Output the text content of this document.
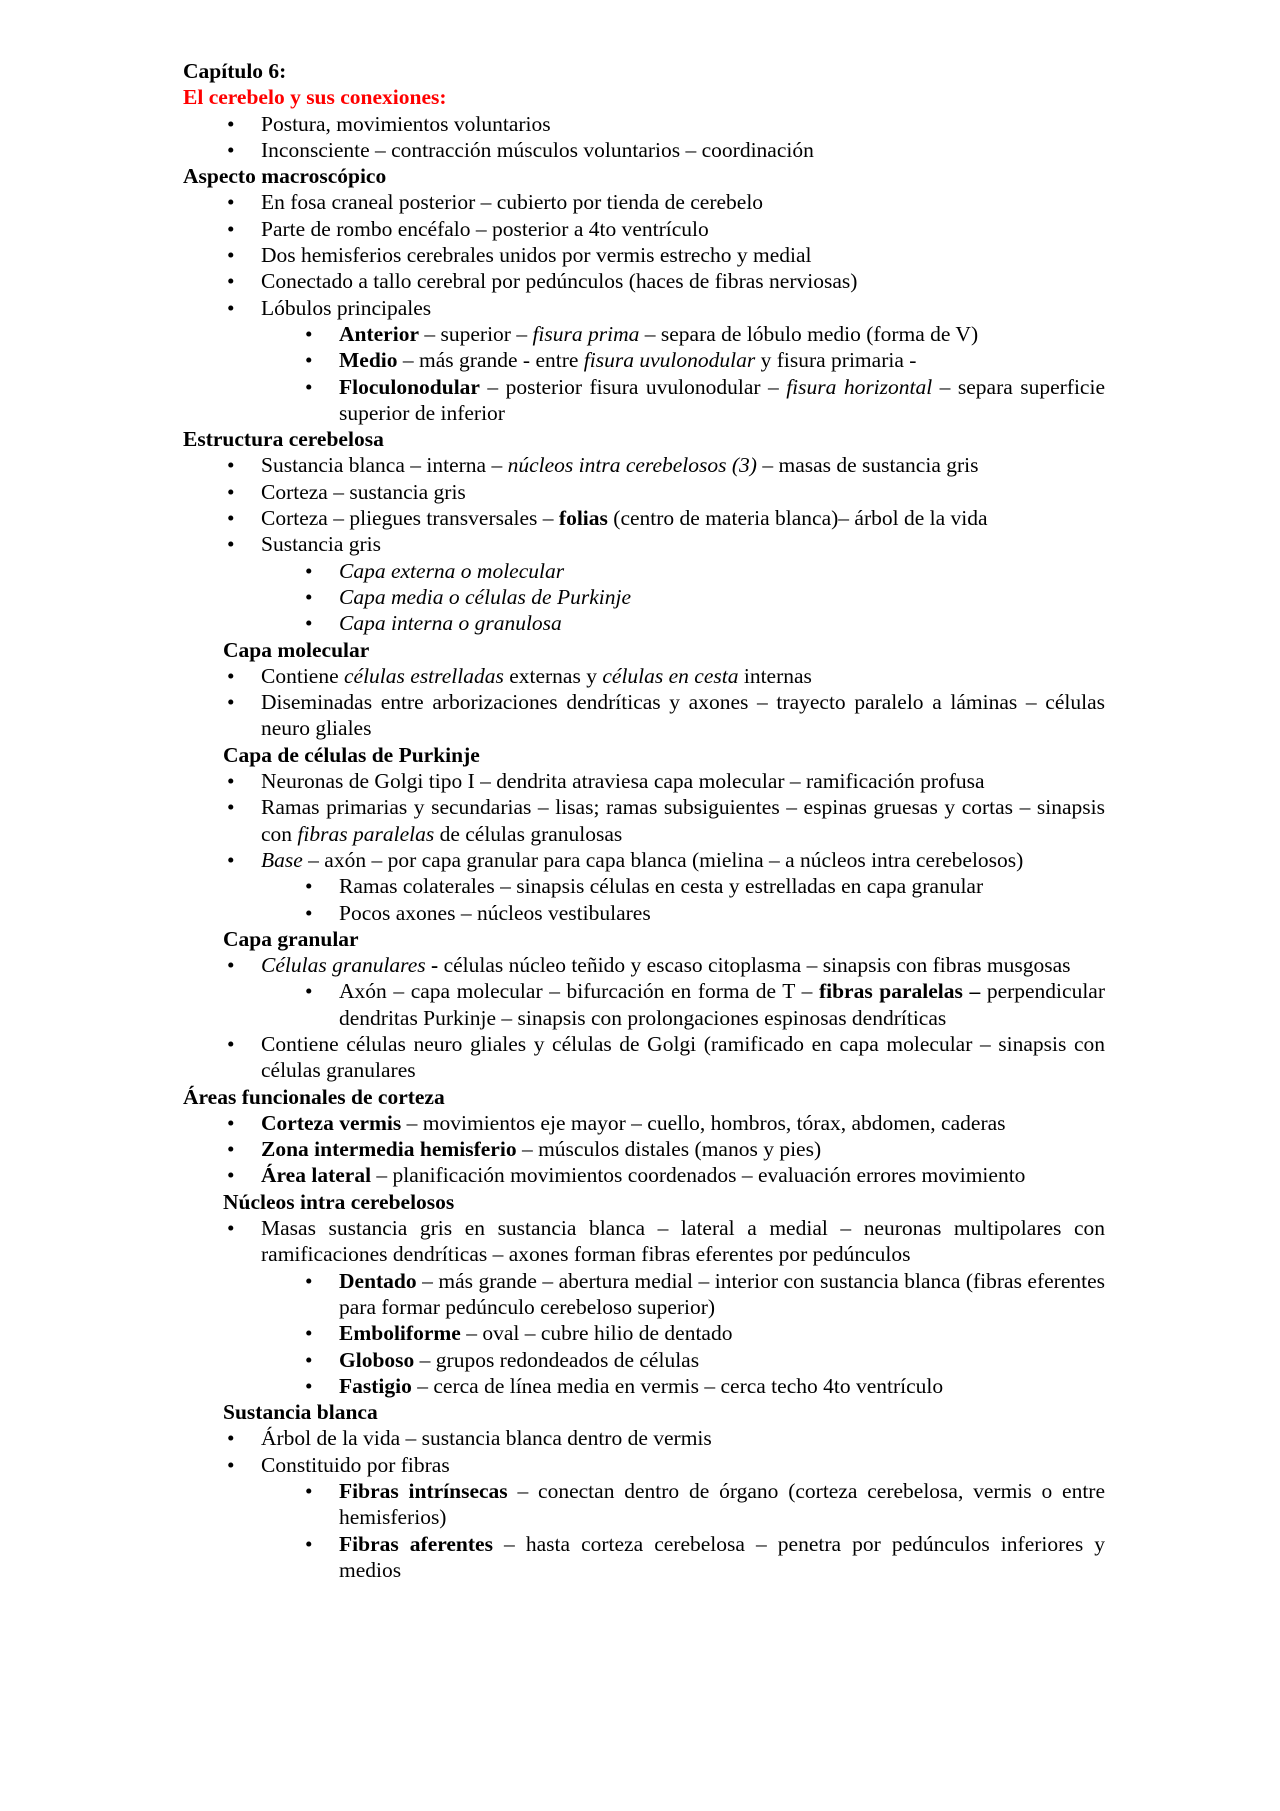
Capítulo 6:
El cerebelo y sus conexiones:
• Postura, movimientos voluntarios
• Inconsciente – contracción músculos voluntarios – coordinación
Aspecto macroscópico
• En fosa craneal posterior – cubierto por tienda de cerebelo
• Parte de rombo encéfalo – posterior a 4to ventrículo
• Dos hemisferios cerebrales unidos por vermis estrecho y medial
• Conectado a tallo cerebral por pedúnculos (haces de fibras nerviosas)
• Lóbulos principales
• Anterior – superior – fisura prima – separa de lóbulo medio (forma de V)
• Medio – más grande - entre fisura uvulonodular y fisura primaria -
• Floculonodular – posterior fisura uvulonodular – fisura horizontal – separa superficie superior de inferior
Estructura cerebelosa
• Sustancia blanca – interna – núcleos intra cerebelosos (3) – masas de sustancia gris
• Corteza – sustancia gris
• Corteza – pliegues transversales – folias (centro de materia blanca)– árbol de la vida
• Sustancia gris
• Capa externa o molecular
• Capa media o células de Purkinje
• Capa interna o granulosa
Capa molecular
• Contiene células estrelladas externas y células en cesta internas
• Diseminadas entre arborizaciones dendríticas y axones – trayecto paralelo a láminas – células neuro gliales
Capa de células de Purkinje
• Neuronas de Golgi tipo I – dendrita atraviesa capa molecular – ramificación profusa
• Ramas primarias y secundarias – lisas; ramas subsiguientes – espinas gruesas y cortas – sinapsis con fibras paralelas de células granulosas
• Base – axón – por capa granular para capa blanca (mielina – a núcleos intra cerebelosos)
• Ramas colaterales – sinapsis células en cesta y estrelladas en capa granular
• Pocos axones – núcleos vestibulares
Capa granular
• Células granulares - células núcleo teñido y escaso citoplasma – sinapsis con fibras musgosas
• Axón – capa molecular – bifurcación en forma de T – fibras paralelas – perpendicular dendritas Purkinje – sinapsis con prolongaciones espinosas dendríticas
• Contiene células neuro gliales y células de Golgi (ramificado en capa molecular – sinapsis con células granulares
Áreas funcionales de corteza
• Corteza vermis – movimientos eje mayor – cuello, hombros, tórax, abdomen, caderas
• Zona intermedia hemisferio – músculos distales (manos y pies)
• Área lateral – planificación movimientos coordenados – evaluación errores movimiento
Núcleos intra cerebelosos
• Masas sustancia gris en sustancia blanca – lateral a medial – neuronas multipolares con ramificaciones dendríticas – axones forman fibras eferentes por pedúnculos
• Dentado – más grande – abertura medial – interior con sustancia blanca (fibras eferentes para formar pedúnculo cerebeloso superior)
• Emboliforme – oval – cubre hilio de dentado
• Globoso – grupos redondeados de células
• Fastigio – cerca de línea media en vermis – cerca techo 4to ventrículo
Sustancia blanca
• Árbol de la vida – sustancia blanca dentro de vermis
• Constituido por fibras
• Fibras intrínsecas – conectan dentro de órgano (corteza cerebelosa, vermis o entre hemisferios)
• Fibras aferentes – hasta corteza cerebelosa – penetra por pedúnculos inferiores y medios
